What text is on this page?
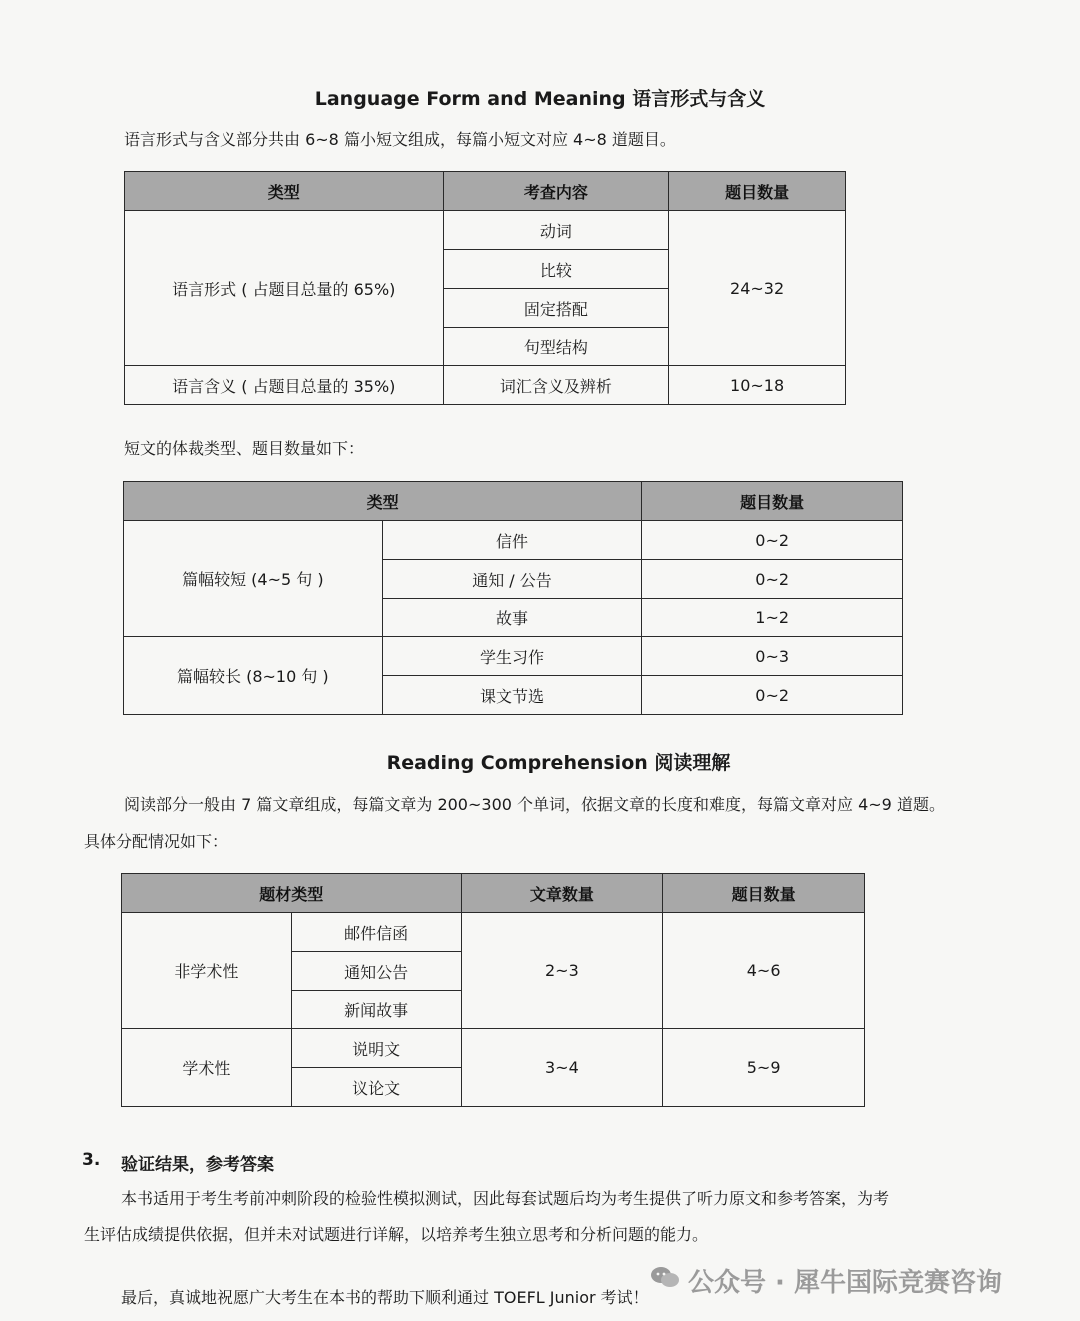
Language Form and Meaning 语言形式与含义
语言形式与含义部分共由 6~8 篇小短文组成，每篇小短文对应 4~8 道题目。
类型	考查内容	题目数量
语言形式 ( 占题目总量的 65%)	动词	24~32
	比较	
	固定搭配	
	句型结构	
语言含义 ( 占题目总量的 35%)	词汇含义及辨析	10~18
短文的体裁类型、题目数量如下：
类型		题目数量
篇幅较短 (4~5 句 )	信件	0~2
	通知 / 公告	0~2
	故事	1~2
篇幅较长 (8~10 句 )	学生习作	0~3
	课文节选	0~2
Reading Comprehension 阅读理解
阅读部分一般由 7 篇文章组成，每篇文章为 200~300 个单词，依据文章的长度和难度，每篇文章对应 4~9 道题。
具体分配情况如下：
题材类型		文章数量	题目数量
非学术性	邮件信函	2~3	4~6
	通知公告		
	新闻故事		
学术性	说明文	3~4	5~9
	议论文		
3. 验证结果，参考答案
本书适用于考生考前冲刺阶段的检验性模拟测试，因此每套试题后均为考生提供了听力原文和参考答案，为考
生评估成绩提供依据，但并未对试题进行详解，以培养考生独立思考和分析问题的能力。
最后，真诚地祝愿广大考生在本书的帮助下顺利通过 TOEFL Junior 考试！ 公众号 · 犀牛国际竞赛咨询
